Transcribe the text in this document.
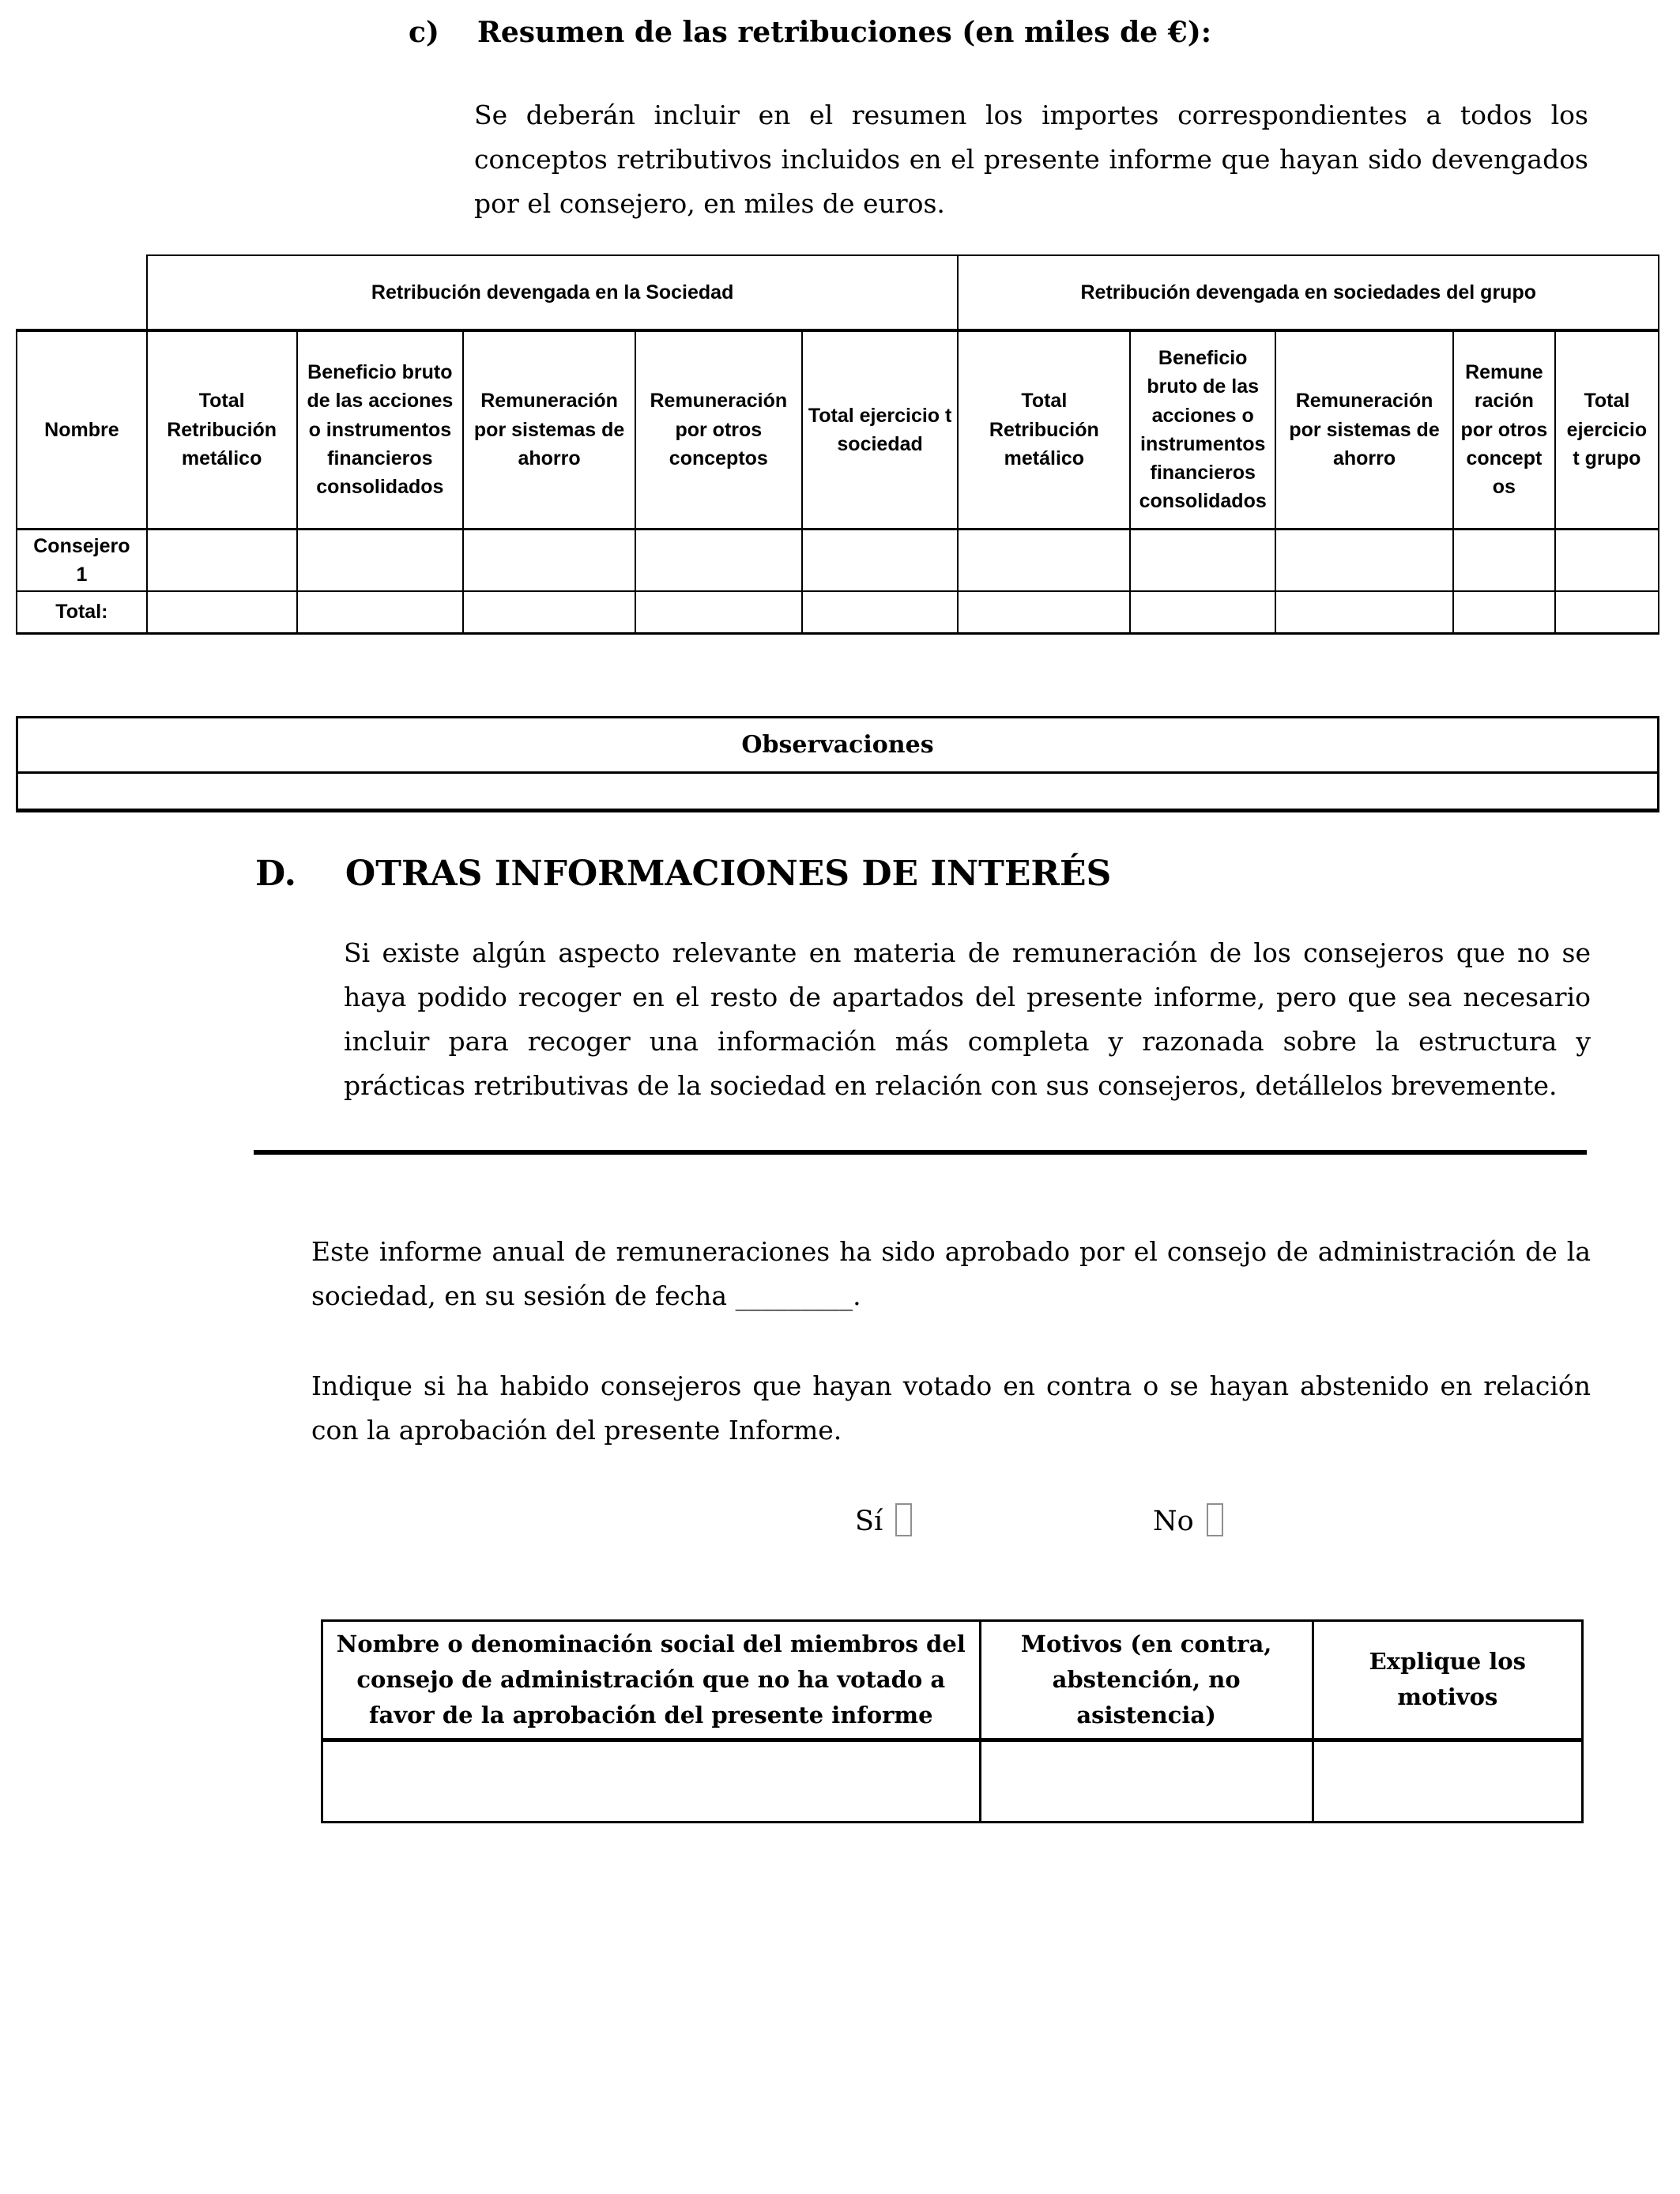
c) Resumen de las retribuciones (en miles de €):
Se deberán incluir en el resumen los importes correspondientes a todos los conceptos retributivos incluidos en el presente informe que hayan sido devengados por el consejero, en miles de euros.
	Retribución devengada en la Sociedad					Retribución devengada en sociedades del grupo				
Nombre	Total Retribución metálico	Beneficio bruto de las acciones o instrumentos financieros consolidados	Remuneración por sistemas de ahorro	Remuneración por otros conceptos	Total ejercicio t sociedad	Total Retribución metálico	Beneficio bruto de las acciones o instrumentos financieros consolidados	Remuneración por sistemas de ahorro	Remune ración por otros concept os	Total ejercicio t grupo
Consejero 1										
Total:										
Observaciones

D. OTRAS INFORMACIONES DE INTERÉS
Si existe algún aspecto relevante en materia de remuneración de los consejeros que no se haya podido recoger en el resto de apartados del presente informe, pero que sea necesario incluir para recoger una información más completa y razonada sobre la estructura y prácticas retributivas de la sociedad en relación con sus consejeros, detállelos brevemente.
Este informe anual de remuneraciones ha sido aprobado por el consejo de administración de la sociedad, en su sesión de fecha _________.
Indique si ha habido consejeros que hayan votado en contra o se hayan abstenido en relación con la aprobación del presente Informe.
Sí	No
Nombre o denominación social del miembros del consejo de administración que no ha votado a favor de la aprobación del presente informe	Motivos (en contra, abstención, no asistencia)	Explique los motivos
